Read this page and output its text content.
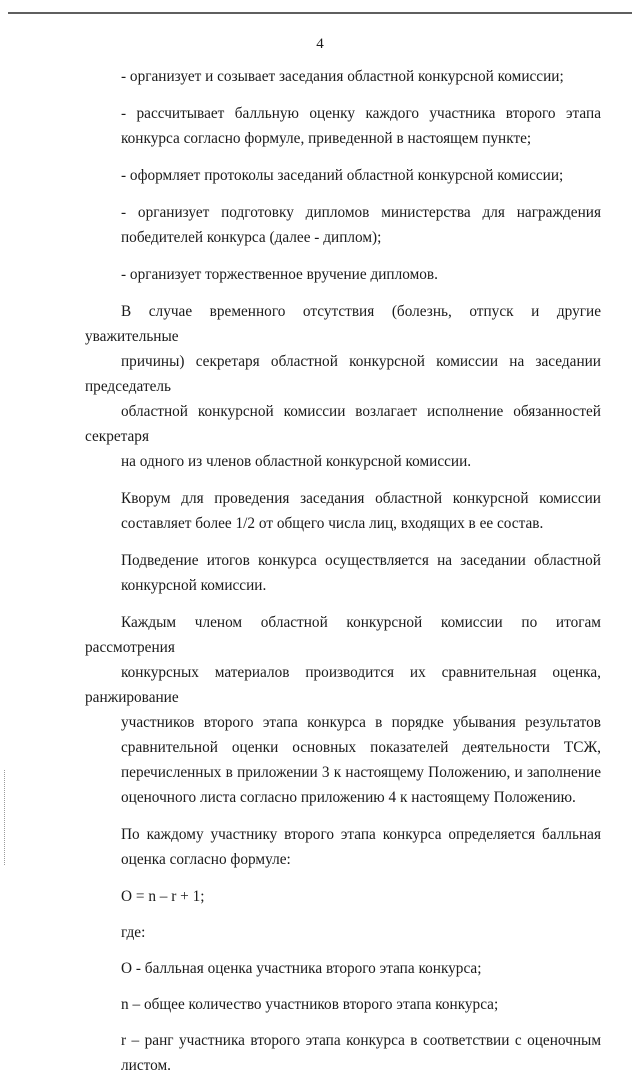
4

- организует и созывает заседания областной конкурсной комиссии;

- рассчитывает балльную оценку каждого участника второго этапа
конкурса согласно формуле, приведенной в настоящем пункте;

- оформляет протоколы заседаний областной конкурсной комиссии;

- организует подготовку дипломов министерства для награждения
победителей конкурса (далее - диплом);

- организует торжественное вручение дипломов.

В случае временного отсутствия (болезнь, отпуск и другие уважительные
причины) секретаря областной конкурсной комиссии на заседании председатель
областной конкурсной комиссии возлагает исполнение обязанностей секретаря
на одного из членов областной конкурсной комиссии.

Кворум для проведения заседания областной конкурсной комиссии
составляет более 1/2 от общего числа лиц, входящих в ее состав.

Подведение итогов конкурса осуществляется на заседании областной
конкурсной комиссии.

Каждым членом областной конкурсной комиссии по итогам рассмотрения
конкурсных материалов производится их сравнительная оценка, ранжирование
участников второго этапа конкурса в порядке убывания результатов
сравнительной оценки основных показателей деятельности ТСЖ,
перечисленных в приложении 3 к настоящему Положению, и заполнение
оценочного листа согласно приложению 4 к настоящему Положению.

По каждому участнику второго этапа конкурса определяется балльная
оценка согласно формуле:

O = n – r + 1;

где:

О - балльная оценка участника второго этапа конкурса;

n – общее количество участников второго этапа конкурса;

r – ранг участника второго этапа конкурса в соответствии с оценочным
листом.
